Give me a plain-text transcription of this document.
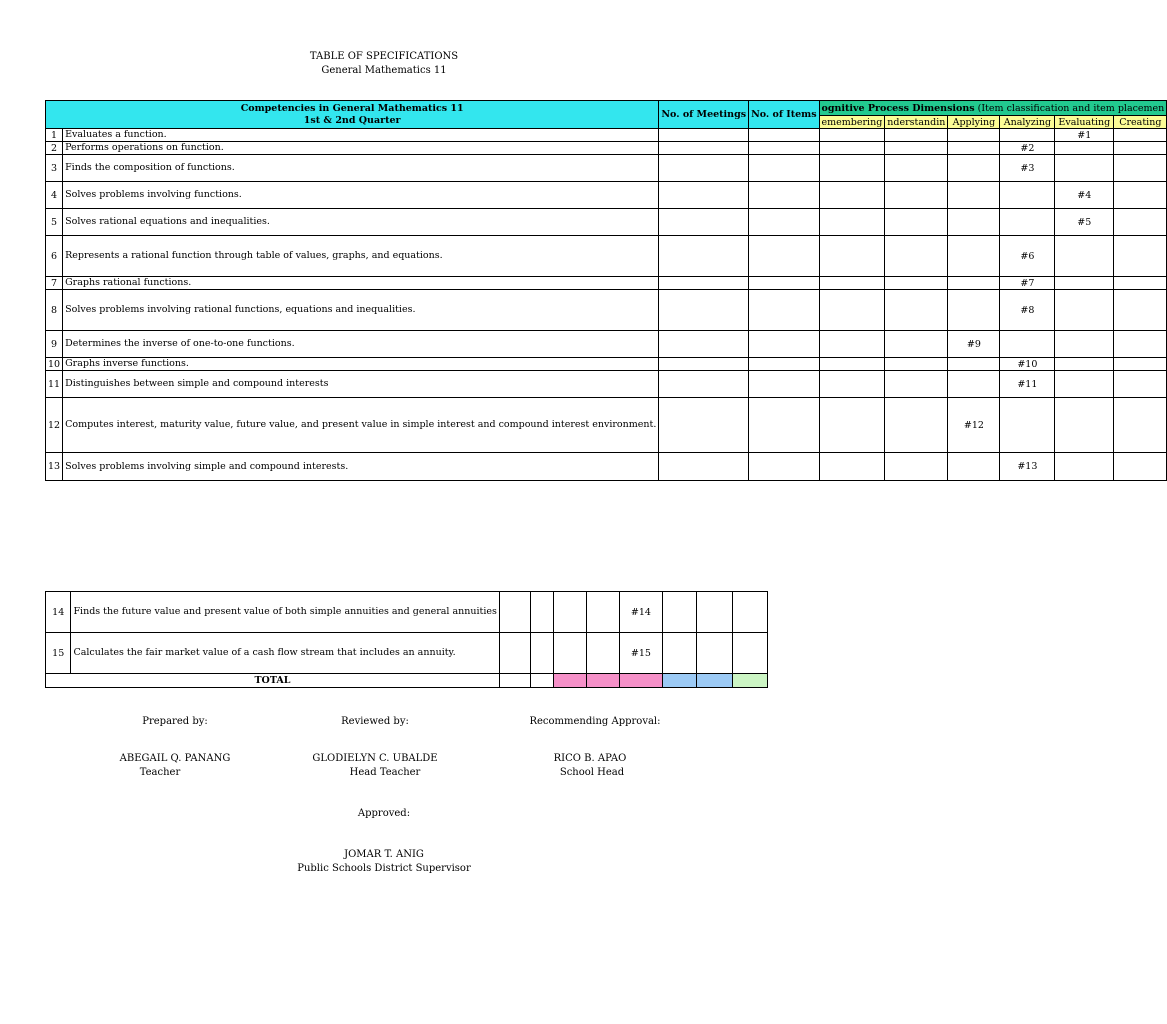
TABLE OF SPECIFICATIONS
General Mathematics 11
Competencies in General Mathematics 11
1st & 2nd Quarter		No. of Meetings	No. of Items	ognitive Process Dimensions (Item classification and item placemen					
				emembering	nderstandin	Applying	Analyzing	Evaluating	Creating
1	Evaluates a function.							#1	
2	Performs operations on function.						#2		
3	Finds the composition of functions.						#3		
4	Solves problems involving functions.							#4	
5	Solves rational equations and inequalities.							#5	
6	Represents a rational function through table of values, graphs, and equations.						#6		
7	Graphs rational functions.						#7		
8	Solves problems involving rational functions, equations and inequalities.						#8		
9	Determines the inverse of one-to-one functions.					#9			
10	Graphs inverse functions.						#10		
11	Distinguishes between simple and compound interests						#11		
12	Computes interest, maturity value, future value, and present value in simple interest and compound interest environment.					#12			
13	Solves problems involving simple and compound interests.						#13		
14	Finds the future value and present value of both simple annuities and general annuities					#14			
15	Calculates the fair market value of a cash flow stream that includes an annuity.					#15			
TOTAL									
Prepared by:	Reviewed by:	Recommending Approval:
ABEGAIL Q. PANANG
Teacher
GLODIELYN C. UBALDE
Head Teacher
RICO B. APAO
School Head
Approved:
JOMAR T. ANIG
Public Schools District Supervisor
